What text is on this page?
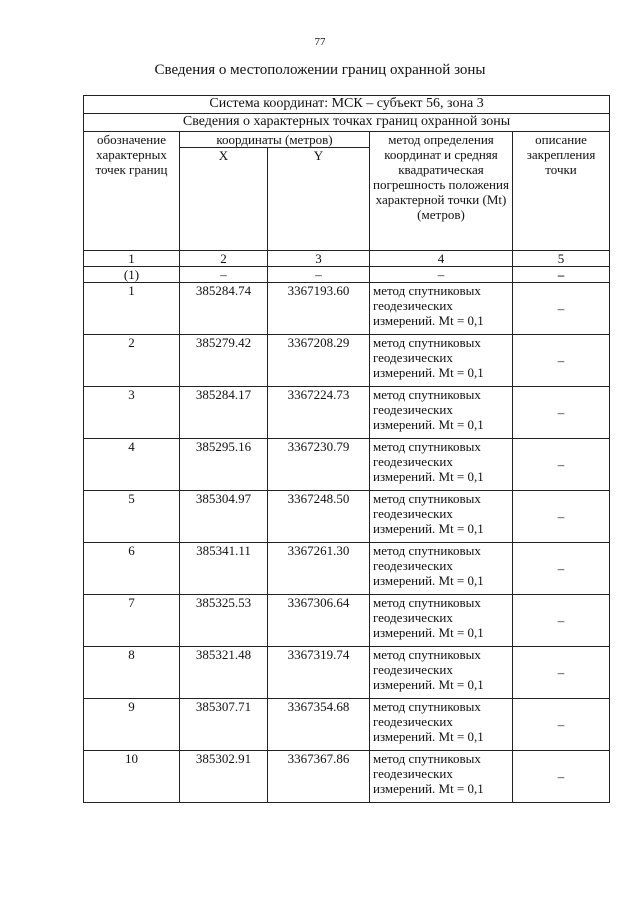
77
Сведения о местоположении границ охранной зоны
Система координат: МСК – субъект 56, зона 3				
Сведения о характерных точках границ охранной зоны				
обозначение характерных точек границ	координаты (метров)		метод определения координат и средняя квадратическая погрешность положения характерной точки (Mt) (метров)	описание закрепления точки
	X	Y		
1	2	3	4	5
(1)	–	–	–	–
1	385284.74	3367193.60	метод спутниковых геодезических измерений. Mt = 0,1	–
2	385279.42	3367208.29	метод спутниковых геодезических измерений. Mt = 0,1	–
3	385284.17	3367224.73	метод спутниковых геодезических измерений. Mt = 0,1	–
4	385295.16	3367230.79	метод спутниковых геодезических измерений. Mt = 0,1	–
5	385304.97	3367248.50	метод спутниковых геодезических измерений. Mt = 0,1	–
6	385341.11	3367261.30	метод спутниковых геодезических измерений. Mt = 0,1	–
7	385325.53	3367306.64	метод спутниковых геодезических измерений. Mt = 0,1	–
8	385321.48	3367319.74	метод спутниковых геодезических измерений. Mt = 0,1	–
9	385307.71	3367354.68	метод спутниковых геодезических измерений. Mt = 0,1	–
10	385302.91	3367367.86	метод спутниковых геодезических измерений. Mt = 0,1	–
